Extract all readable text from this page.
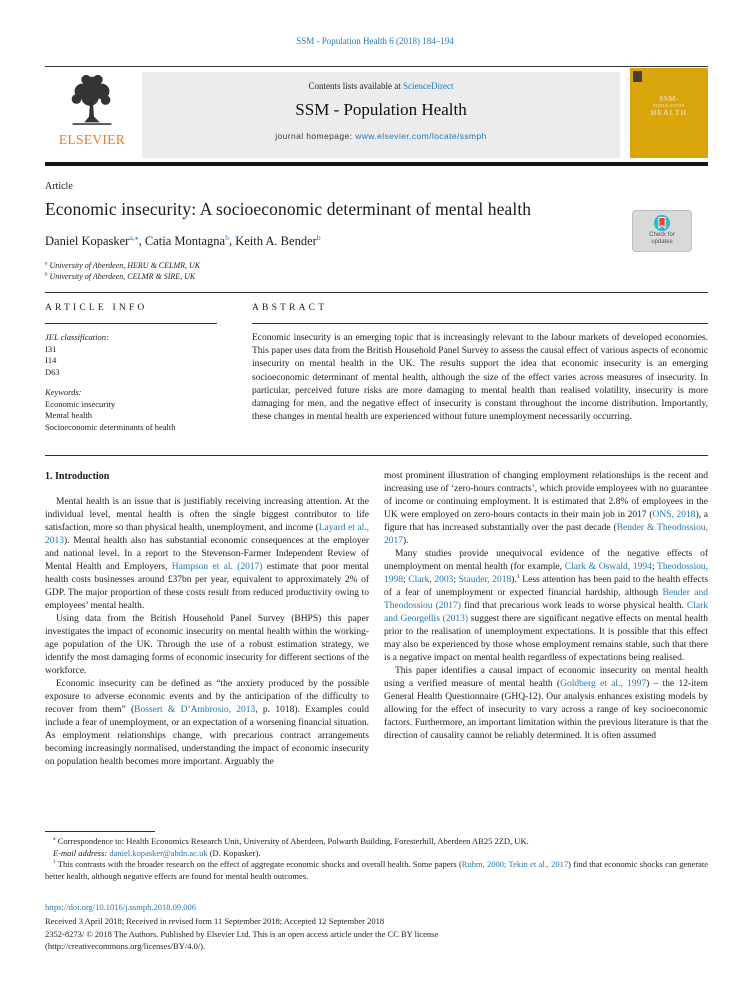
SSM - Population Health 6 (2018) 184–194
ELSEVIER
Contents lists available at ScienceDirect
SSM - Population Health
journal homepage: www.elsevier.com/locate/ssmph
SSM-
POPULATION
HEALTH
Article
Economic insecurity: A socioeconomic determinant of mental health
Daniel Kopasker$^{a,⁎}$, Catia Montagna$^b$, Keith A. Bender$^b$
$^a$ University of Aberdeen, HERU & CELMR, UK
$^b$ University of Aberdeen, CELMR & SIRE, UK
Check for
updates
ARTICLE INFO	ABSTRACT
JEL classification:
I31
I14
D63
Keywords:
Economic insecurity
Mental health
Socioeconomic determinants of health
Economic insecurity is an emerging topic that is increasingly relevant to the labour markets of developed economies. This paper uses data from the British Household Panel Survey to assess the causal effect of various aspects of economic insecurity on mental health in the UK. The results support the idea that economic insecurity is an emerging socioeconomic determinant of mental health, although the size of the effect varies across measures of insecurity. In particular, perceived future risks are more damaging to mental health than realised volatility, insecurity is more damaging for men, and the negative effect of insecurity is constant throughout the income distribution. Importantly, these changes in mental health are experienced without future unemployment necessarily occurring.
1. Introduction

Mental health is an issue that is justifiably receiving increasing attention. At the individual level, mental health is often the single biggest contributor to life satisfaction, more so than physical health, unemployment, and income (Layard et al., 2013). Mental health also has substantial economic consequences at the employer and national level. In a report to the Stevenson-Farmer Independent Review of Mental Health and Employers, Hampson et al. (2017) estimate that poor mental health costs businesses around £37bn per year, equivalent to approximately 2% of GDP. The major proportion of these costs result from reduced productivity owing to employees’ mental health.

Using data from the British Household Panel Survey (BHPS) this paper investigates the impact of economic insecurity on mental health within the working-age population of the UK. Through the use of a robust estimation strategy, we identify the most damaging forms of economic insecurity for different sections of the workforce.

Economic insecurity can be defined as “the anxiety produced by the possible exposure to adverse economic events and by the anticipation of the difficulty to recover from them” (Bossert & D’Ambrosio, 2013, p. 1018). Examples could include a fear of unemployment, or an expectation of a worsening financial situation. As employment relationships change, with precarious contract arrangements becoming increasingly normalised, understanding the impact of economic insecurity on population health becomes more important. Arguably the

most prominent illustration of changing employment relationships is the recent and increasing use of ‘zero-hours contracts’, which provide employees with no guarantee of income or continuing employment. It is estimated that 2.8% of employees in the UK were employed on zero-hours contacts in their main job in 2017 (ONS, 2018), a figure that has increased substantially over the past decade (Bender & Theodossiou, 2017).

Many studies provide unequivocal evidence of the negative effects of unemployment on mental health (for example, Clark & Oswald, 1994; Theodossiou, 1998; Clark, 2003; Stauder, 2018).$^1$ Less attention has been paid to the health effects of a fear of unemployment or expected financial hardship, although Bender and Theodossiou (2017) find that precarious work leads to worse physical health. Clark and Georgellis (2013) suggest there are significant negative effects on mental health prior to the realisation of unemployment expectations. It is possible that this effect may also be experienced by those whose employment remains stable, such that there is a negative impact on mental health regardless of expectations being realised.

This paper identifies a causal impact of economic insecurity on mental health using a verified measure of mental health (Goldberg et al., 1997) – the 12-item General Health Questionnaire (GHQ-12). Our analysis enhances existing models by allowing for the effect of insecurity to vary across a range of key socioeconomic factors. Furthermore, an important limitation within the previous literature is that the direction of causality cannot be reliably determined. It is often assumed

⁎ Correspondence to: Health Economics Research Unit, University of Aberdeen, Polwarth Building, Foresterhill, Aberdeen AB25 2ZD, UK.
E-mail address: daniel.kopasker@abdn.ac.uk (D. Kopasker).
$^1$ This contrasts with the broader research on the effect of aggregate economic shocks and overall health. Some papers (Ruhm, 2000; Tekin et al., 2017) find that economic shocks can generate better health, although negative effects are found for mental health outcomes.
https://doi.org/10.1016/j.ssmph.2018.09.006
Received 3 April 2018; Received in revised form 11 September 2018; Accepted 12 September 2018
2352-8273/ © 2018 The Authors. Published by Elsevier Ltd. This is an open access article under the CC BY license
(http://creativecommons.org/licenses/BY/4.0/).
